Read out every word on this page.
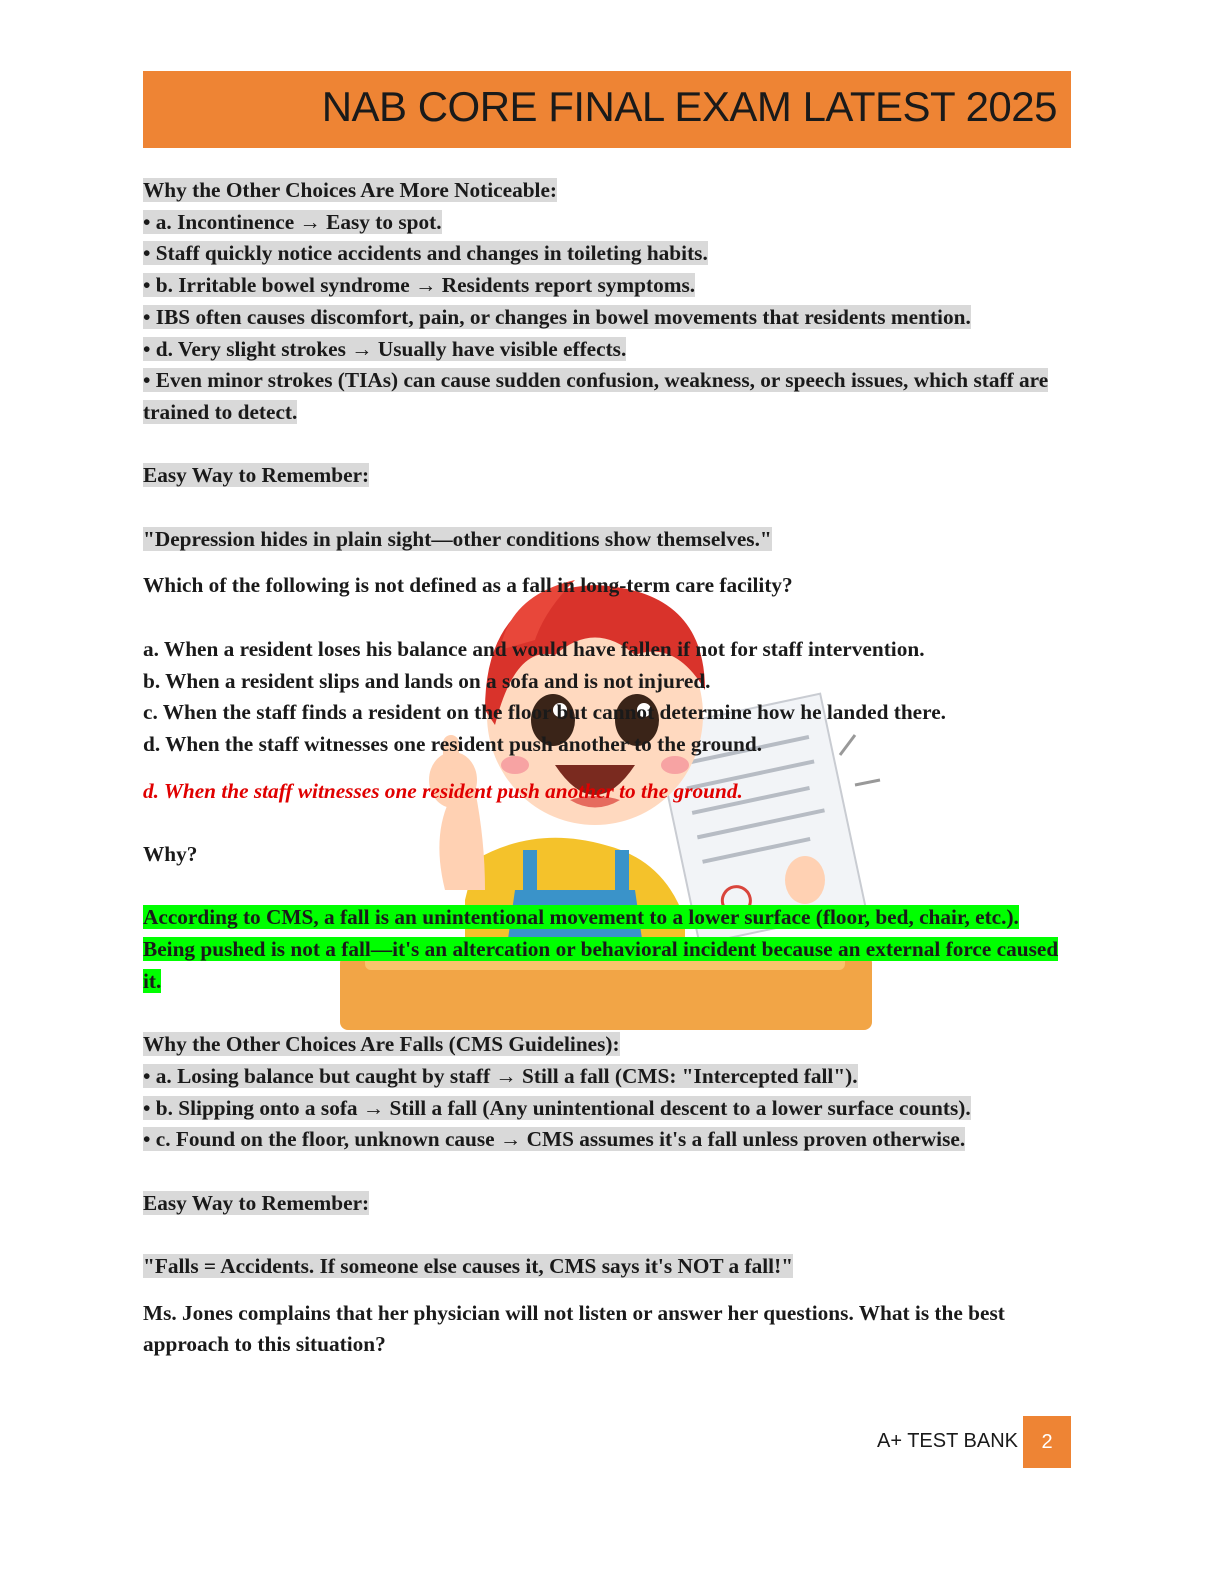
NAB CORE FINAL EXAM LATEST 2025

Why the Other Choices Are More Noticeable:

• a. Incontinence → Easy to spot.

• Staff quickly notice accidents and changes in toileting habits.

• b. Irritable bowel syndrome → Residents report symptoms.

• IBS often causes discomfort, pain, or changes in bowel movements that residents mention.

• d. Very slight strokes → Usually have visible effects.

• Even minor strokes (TIAs) can cause sudden confusion, weakness, or speech issues, which staff are trained to detect.

Easy Way to Remember:

"Depression hides in plain sight—other conditions show themselves."

Which of the following is not defined as a fall in long-term care facility?

a. When a resident loses his balance and would have fallen if not for staff intervention.

b. When a resident slips and lands on a sofa and is not injured.

c. When the staff finds a resident on the floor but cannot determine how he landed there.

d. When the staff witnesses one resident push another to the ground.

d. When the staff witnesses one resident push another to the ground.

Why?

According to CMS, a fall is an unintentional movement to a lower surface (floor, bed, chair, etc.). Being pushed is not a fall—it's an altercation or behavioral incident because an external force caused it.

Why the Other Choices Are Falls (CMS Guidelines):

• a. Losing balance but caught by staff → Still a fall (CMS: "Intercepted fall").

• b. Slipping onto a sofa → Still a fall (Any unintentional descent to a lower surface counts).

• c. Found on the floor, unknown cause → CMS assumes it's a fall unless proven otherwise.

Easy Way to Remember:

"Falls = Accidents. If someone else causes it, CMS says it's NOT a fall!"

Ms. Jones complains that her physician will not listen or answer her questions. What is the best approach to this situation?

A+ TEST BANK	2
